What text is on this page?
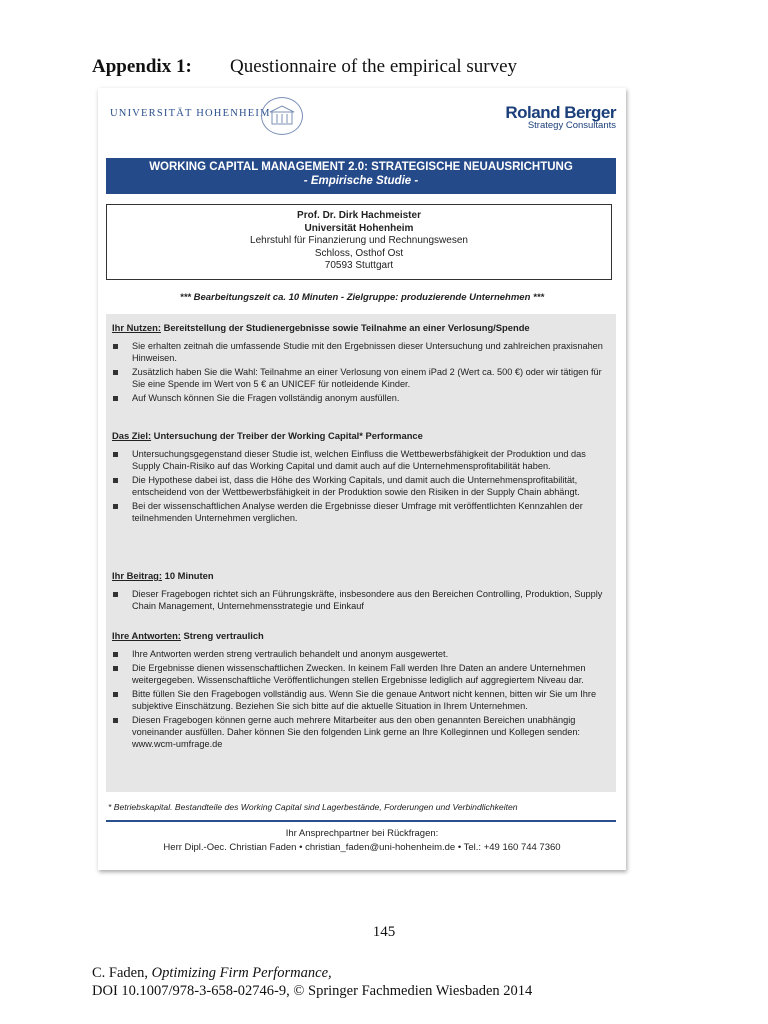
Appendix 1: Questionnaire of the empirical survey
UNIVERSITÄT HOHENHEIM	Roland Berger
Strategy Consultants
WORKING CAPITAL MANAGEMENT 2.0: STRATEGISCHE NEUAUSRICHTUNG
- Empirische Studie -
Prof. Dr. Dirk Hachmeister
Universität Hohenheim
Lehrstuhl für Finanzierung und Rechnungswesen
Schloss, Osthof Ost
70593 Stuttgart
*** Bearbeitungszeit ca. 10 Minuten - Zielgruppe: produzierende Unternehmen ***
Ihr Nutzen: Bereitstellung der Studienergebnisse sowie Teilnahme an einer Verlosung/Spende
Sie erhalten zeitnah die umfassende Studie mit den Ergebnissen dieser Untersuchung und zahlreichen praxisnahen Hinweisen.
Zusätzlich haben Sie die Wahl: Teilnahme an einer Verlosung von einem iPad 2 (Wert ca. 500 €) oder wir tätigen für Sie eine Spende im Wert von 5 € an UNICEF für notleidende Kinder.
Auf Wunsch können Sie die Fragen vollständig anonym ausfüllen.
Das Ziel: Untersuchung der Treiber der Working Capital* Performance
Untersuchungsgegenstand dieser Studie ist, welchen Einfluss die Wettbewerbsfähigkeit der Produktion und das Supply Chain-Risiko auf das Working Capital und damit auch auf die Unternehmensprofitabilität haben.
Die Hypothese dabei ist, dass die Höhe des Working Capitals, und damit auch die Unternehmensprofitabilität, entscheidend von der Wettbewerbsfähigkeit in der Produktion sowie den Risiken in der Supply Chain abhängt.
Bei der wissenschaftlichen Analyse werden die Ergebnisse dieser Umfrage mit veröffentlichten Kennzahlen der teilnehmenden Unternehmen verglichen.
Ihr Beitrag: 10 Minuten
Dieser Fragebogen richtet sich an Führungskräfte, insbesondere aus den Bereichen Controlling, Produktion, Supply Chain Management, Unternehmensstrategie und Einkauf
Ihre Antworten: Streng vertraulich
Ihre Antworten werden streng vertraulich behandelt und anonym ausgewertet.
Die Ergebnisse dienen wissenschaftlichen Zwecken. In keinem Fall werden Ihre Daten an andere Unternehmen weitergegeben. Wissenschaftliche Veröffentlichungen stellen Ergebnisse lediglich auf aggregiertem Niveau dar.
Bitte füllen Sie den Fragebogen vollständig aus. Wenn Sie die genaue Antwort nicht kennen, bitten wir Sie um Ihre subjektive Einschätzung. Beziehen Sie sich bitte auf die aktuelle Situation in Ihrem Unternehmen.
Diesen Fragebogen können gerne auch mehrere Mitarbeiter aus den oben genannten Bereichen unabhängig voneinander ausfüllen. Daher können Sie den folgenden Link gerne an Ihre Kolleginnen und Kollegen senden: www.wcm-umfrage.de
* Betriebskapital. Bestandteile des Working Capital sind Lagerbestände, Forderungen und Verbindlichkeiten
Ihr Ansprechpartner bei Rückfragen:
Herr Dipl.-Oec. Christian Faden • christian_faden@uni-hohenheim.de • Tel.: +49 160 744 7360
145
C. Faden, Optimizing Firm Performance,
DOI 10.1007/978-3-658-02746-9, © Springer Fachmedien Wiesbaden 2014
